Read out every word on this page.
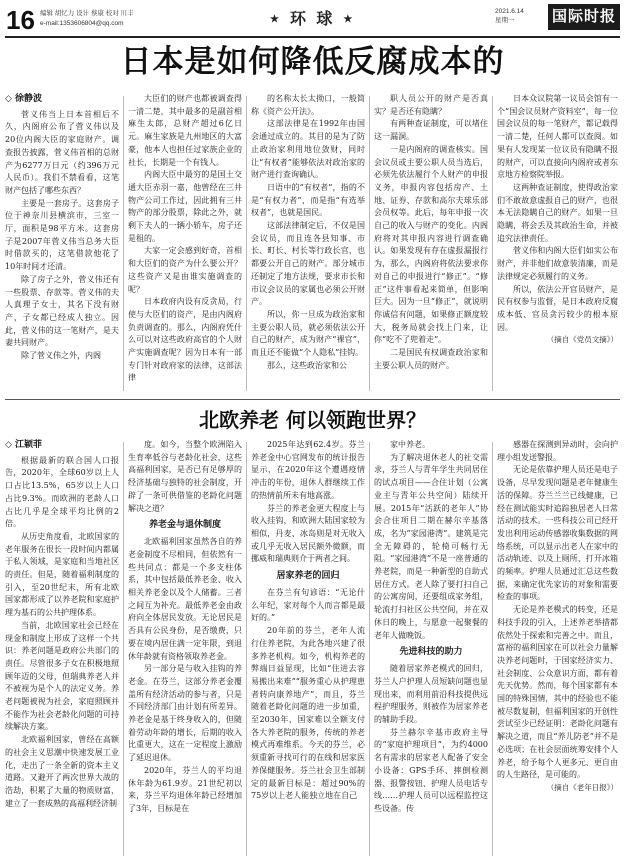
16 编辑 胡忆力 设计 蔡康 校对 川丰
e-mail:1353606804@qq.com	★ 环 球 ★
2021.6.14
星期一	国际时报
日本是如何降低反腐成本的

◇ 徐静波

菅义伟当上日本首相后不久，内阁府公布了菅义伟以及20位内阁大臣的家庭财产。调查报告披露，菅义伟首相的总财产为6277万日元（约396万元人民币）。我们不禁看看，这笔财产包括了哪些东西？

主要是一套房子。这套房子位于神奈川县横滨市，三室一厅，面积是98平方米。这套房子是2007年菅义伟当总务大臣时借款买的，这笔借款他花了10年时间才还清。

除了房子之外，菅义伟还有一些股票、存款等。菅义伟的夫人真理子女士，其名下没有财产，子女都已经成人独立。因此，菅义伟的这一笔财产，是夫妻共同财产。

除了菅义伟之外，内阁

大臣们的财产也都被调查得一清二楚，其中最多的是副首相麻生太郎，总财产超过6亿日元。麻生家族是九州地区的大富豪，他本人也担任过家族企业的社长，长期是一个有钱人。

内阁大臣中最穷的是国土交通大臣赤羽一嘉，他曾经在三井物产公司工作过，因此拥有三井物产的部分股票，除此之外，就剩下夫人的一辆小轿车，房子还是租的。

大家一定会感到好奇，首相和大臣们的资产为什么要公开？这些资产又是由谁实施调查的呢？

日本政府内设有反贪局，行使与大臣们的资产，是由内阁府负责调查的。那么，内阁府凭什么可以对这些政府高官的个人财产实施调查呢？因为日本有一部专门针对政府家的法律，这部法律

的名称太长太拗口，一般简称《资产公开法》。

这部法律是在1992年由国会通过成立的。其目的是为了防止政治家利用地位敛财，同时让“有权者”能够依法对政治家的财产进行查询确认。

日语中的“有权者”，指的不是“有权力者”，而是指“有选举权者”，也就是国民。

这部法律制定后，不仅是国会议员，而且连各县知事、市长、町长、村长等行政长官，也都要公开自己的财产。部分城市还制定了地方法规，要求市长和市议会议员的家属也必须公开财产。

所以，你一旦成为政治家和主要公职人员，就必须依法公开自己的财产，成为财产“裸官”，而且还不能做“个人隐私”挂钩。

那么，这些政治家和公

职人员公开的财产是否真实？是否还有隐瞒？

有两种查证制度，可以堵住这一漏洞。

一是内阁府的调查核实。国会议员或主要公职人员当选后，必须先依法履行个人财产的申报义务，申报内容包括房产、土地、证券、存款和高尔夫球乐部会员权等。此后，每年申报一次自己的收入与财产的变化。内阁府将对其申报内容进行调查确认。如果发现有存在虚报漏报行为，那么，内阁府将依法要求你对自己的申报进行“修正”。“修正”这件事看起来简单，但影响巨大。因为一旦“修正”，就说明你诚信有问题，如果修正额度较大，税务局就会找上门来，让你“吃不了兜着走”。

二是国民有权调查政治家和主要公职人员的财产。

日本众议院第一议员会馆有一个“国会议员财产资料室”，每一位国会议员的每一笔财产，都记载得一清二楚，任何人都可以查阅。如果有人发现某一位议员有隐瞒不报的财产，可以直接向内阁府或者东京地方检察院举报。

这两种查证制度，使得政治家们不敢故意虚报自己的财产，也很本无法隐瞒自己的财产。如果一旦隐瞒，将会丢及其政治生命，并被追究法律责任。

菅义伟和内阁大臣们如实公布财产，并非他们故意装清廉，而是法律规定必须履行的义务。

所以，依法公开官员财产，是民有权参与监督，是日本政府反腐成本低、官员贪污较少的根本原因。

（摘自《党员文摘》）

北欧养老 何以领跑世界？

◇ 江颖菲

根据最新的联合国人口报告，2020年，全球60岁以上人口占比13.5%，65岁以上人口占比9.3%。而欧洲的老龄人口占比几乎是全球平均比例的2倍。

从历史角度看，北欧国家的老年服务在很长一段时间内都属于私人领域，是家庭和当地社区的责任。但是，随着福利制度的引入，至20世纪末，所有北欧国家都形成了以养老院和家庭护理为基石的公共护理体系。

当前，北欧国家社会已经在现金和制度上形成了这样一个共识：养老问题是政府公共部门的责任。尽管很多子女在积极地照顾年迈的父母，但瑞典养老人并不被视为是个人的法定义务。养老问题被视为社会，家庭照顾并不能作为社会老龄化问题的可持续解决方案。

北欧福利国家，曾经在高额的社会主义思潮中快速发展工业化，走出了一条全新的资本主义道路。又避开了两次世界大战的浩劫，积累了大量的物质财富，建立了一套成熟的高福利经济制

度。如今，当整个欧洲陷入生育率低谷与老龄化社会，这些高福利国家，是否已有足够厚的经济基础与独特的社会制度，开辟了一条可供借鉴的老龄化问题解决之道？

养老金与退休制度

北欧福利国家虽然各自的养老金制度不尽相同，但依然有一些共同点：都是一个多支柱体系，其中包括最低养老金、收入相关养老金以及个人储蓄。三者之间互为补充。最低养老金由政府向全体居民发放。无论居民是否具有公民身份，是否缴费，只要在境内居住满一定年限，到退休年龄就有资格领取养老金。

另一部分是与收入挂钩的养老金。在芬兰，这部分养老金覆盖所有经济活动的参与者，只是不同经济部门由计划有所差异。养老金是基于终身收入的，但随着劳动年龄的增长，后期的收入比重更大，这在一定程度上激励了延迟退休。

2020年，芬兰人的平均退休年龄为61.9岁。21世纪初以来，芬兰平均退休年龄已经增加了3年，目标是在

2025年达到62.4岁。芬兰养老金中心官网发布的统计报告显示，在2020年这个遭遇疫情冲击的年份，退休人群继续工作的热情前所未有地高涨。

芬兰的养老金更大程度上与收入挂钩，和欧洲大陆国家较为相似，丹麦、冰岛则是对无收入或几乎无收入居民额外微额，而挪威和瑞典则介于两者之间。

居家养老的回归

在芬兰有句谚语：“无论什么年纪，家对每个人而言都是最好的。”

20年前的芬兰，老年人流行住养老院，为此各地兴建了很多养老机构。如今，机构养老的弊端日益显现，比如“住进去容易搬出来难”“服务重心从护理患者转向康养地产”，而且，芬兰随着老龄化问题的进一步加重，至2030年，国家难以全额支付各大养老院的服务，传统的养老模式再难维系。今天的芬兰，必须重新寻找可行的在线和居家医养保健服务。芬兰社会卫生部制定的最新目标是：超过90%的75岁以上老人能独立地在自己

家中养老。

为了解决退休老人的社交需求，芬兰人与青年学生共同居住的试点项目——合住计划（公寓业主与青年公共空间）陆续开展。2015年“活跃的老年人”协会合住项目二期在赫尔辛基落成，名为“家园港湾”。建筑是完全无障碍的，轮椅可畅行无阻。“家园港湾”不是一座普通的养老院，而是一种新型的自助式居住方式。老人除了要打扫自己的公寓房间，还要组成家务组，轮流打扫社区公共空间，并在双休日的晚上，与愿意一起聚餐的老年人做晚饭。

先进科技的助力

随着居家养老模式的回归，芬兰人户护理人员短缺问题也显现出来，而利用前沿科技提供远程护理服务，则被作为居家养老的辅助手段。

芬兰赫尔辛基市政府主导的“家庭护理项目”，为约4000名有需求的居家老人配备了安全小设备：GPS手环、摔倒检测器、报警按钮、护理人员电话专线……护理人员可以远程监控这些设备。传

感器在探测到异动时，会向护理小组发送警报。

无论是依靠护理人员还是电子设备，尽早发现问题是老年健康生活的保障。芬兰兰兰已线健康，已经在测试能实时追踪独居老人日常活动的技术。一些科技公司已经开发出利用运动传感器收集数据的网络系统，可以显示出老人在家中的活动轨迹、以及上厕所、打开冰箱的频率。护理人员通过汇总这些数据，来确定优先家访的对象和需要检查的事项。

无论是养老模式的转变，还是科技手段的引入，上述养老举措都依然处于探索和完善之中。而且，富裕的福利国家在可以社会力量解决养老问题时，于国家经济实力、社会制度、公众意识方面，都有着先天优势。然而，每个国家都有本国的特殊国情，其中的经验也不能被尽数复制，但福利国家的开创性尝试至少已经证明：老龄化问题有解决之道，而且“养儿防老”并不是必选项；在社会层面统筹安排个人养老，给予每个人更多元、更自由的人生路径，是可能的。

（摘自《老年日报》）
